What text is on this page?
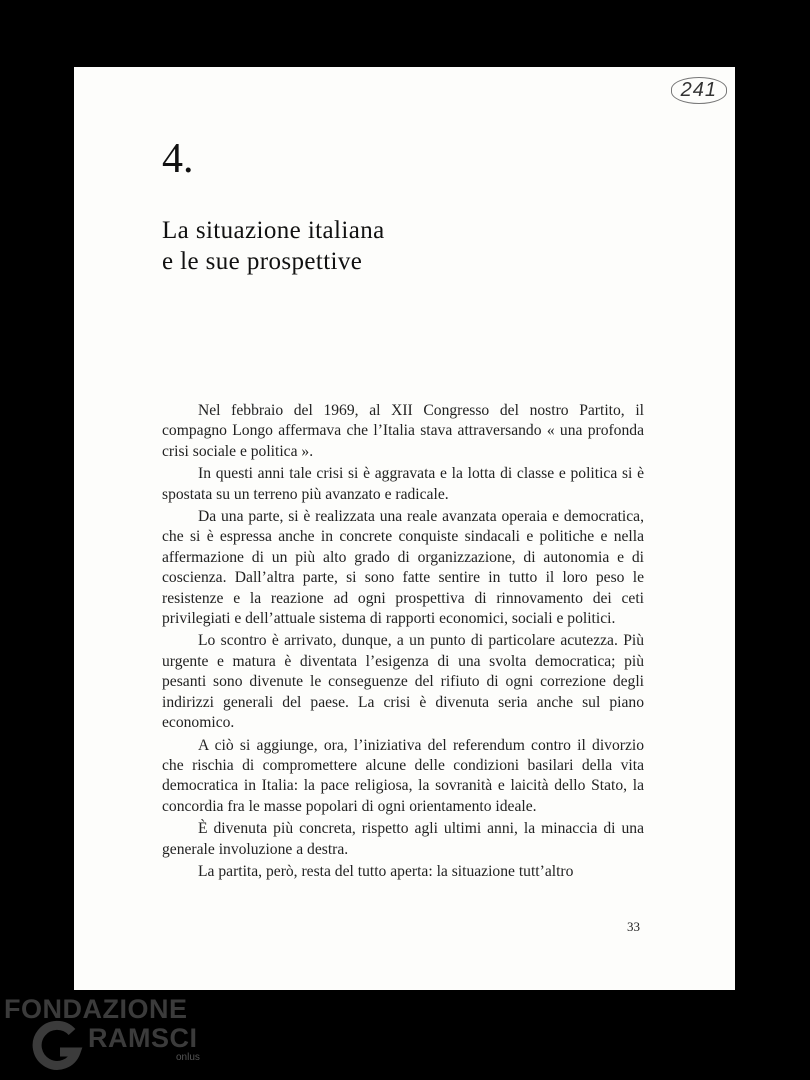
241
4.
La situazione italiana
e le sue prospettive

Nel febbraio del 1969, al XII Congresso del nostro Partito, il compagno Longo affermava che l’Italia stava attraversando « una profonda crisi sociale e politica ».

In questi anni tale crisi si è aggravata e la lotta di classe e politica si è spostata su un terreno più avanzato e radicale.

Da una parte, si è realizzata una reale avanzata operaia e democratica, che si è espressa anche in concrete conquiste sindacali e politiche e nella affermazione di un più alto grado di organizzazione, di autonomia e di coscienza. Dall’altra parte, si sono fatte sentire in tutto il loro peso le resistenze e la reazione ad ogni prospettiva di rinnovamento dei ceti privilegiati e dell’attuale sistema di rapporti economici, sociali e politici.

Lo scontro è arrivato, dunque, a un punto di particolare acutezza. Più urgente e matura è diventata l’esigenza di una svolta democratica; più pesanti sono divenute le conseguenze del rifiuto di ogni correzione degli indirizzi generali del paese. La crisi è divenuta seria anche sul piano economico.

A ciò si aggiunge, ora, l’iniziativa del referendum contro il divorzio che rischia di compromettere alcune delle condizioni basilari della vita democratica in Italia: la pace religiosa, la sovranità e laicità dello Stato, la concordia fra le masse popolari di ogni orientamento ideale.

È divenuta più concreta, rispetto agli ultimi anni, la minaccia di una generale involuzione a destra.

La partita, però, resta del tutto aperta: la situazione tutt’altro

33
FONDAZIONE
RAMSCI
onlus
